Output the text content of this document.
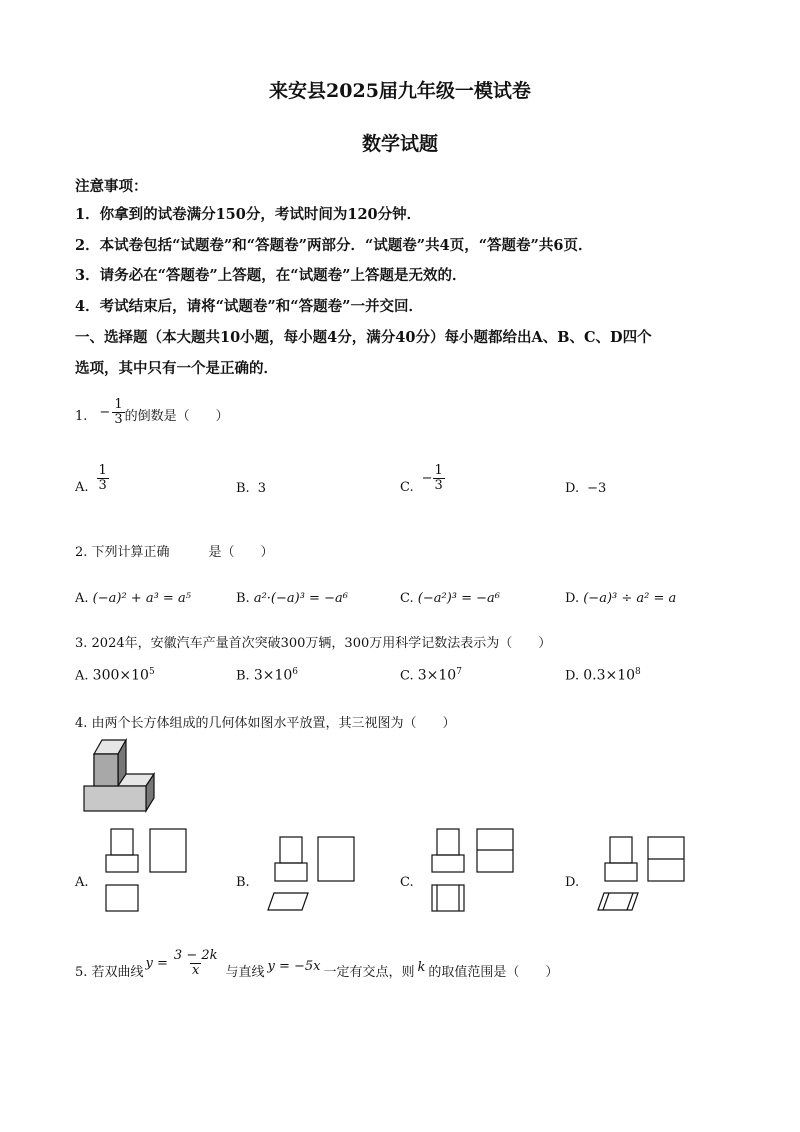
来安县2025届九年级一模试卷
数学试题
注意事项：
1．你拿到的试卷满分150分，考试时间为120分钟．
2．本试卷包括“试题卷”和“答题卷”两部分．“试题卷”共4页，“答题卷”共6页．
3．请务必在“答题卷”上答题，在“试题卷”上答题是无效的．
4．考试结束后，请将“试题卷”和“答题卷”一并交回．
一、选择题（本大题共10小题，每小题4分，满分40分）每小题都给出A、B、C、D四个
选项，其中只有一个是正确的．
1. − $\frac{1}{3}$ 的倒数是（　　）
A. $\frac{1}{3}$	B. 3	C.
− $\frac{1}{3}$	D. −3
2. 下列计算正确　　　是（　　）
A. (−a)² + a³ = a⁵	B. a²·(−a)³ = −a⁶	C. (−a²)³ = −a⁶	D. (−a)³ ÷ a² = a
3. 2024年，安徽汽车产量首次突破300万辆，300万用科学记数法表示为（　　）
A. $300\times 10^5$	B. $3\times 10^6$	C. $3\times 10^7$	D. $0.3\times 10^8$
4. 由两个长方体组成的几何体如图水平放置，其三视图为（　　）
A.	B.	C.	D.
5. 若双曲线
$y = \frac{3 - 2k}{x}$ 与直线 y = −5x 一定有交点，则 k 的取值范围是（　　）
